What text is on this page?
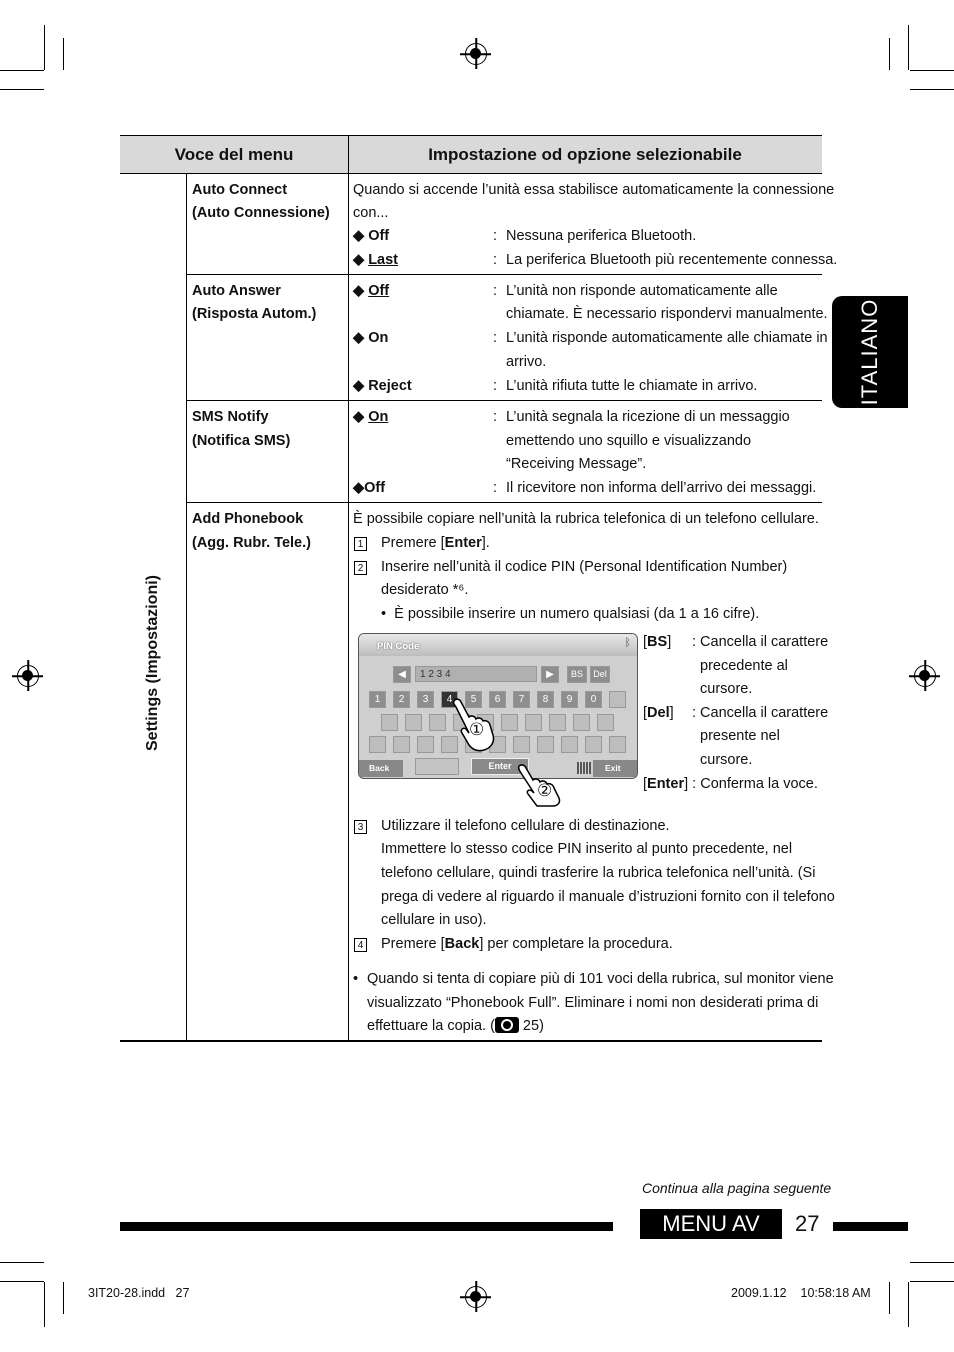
ITALIANO
Voce del menu	Impostazione od opzione selezionabile
Settings (Impostazioni)
Auto Connect
(Auto Connessione)
Quando si accende l’unità essa stabilisce automaticamente la connessione
con...
◆ Off	: Nessuna periferica Bluetooth.
◆ Last	: La periferica Bluetooth più recentemente connessa.
Auto Answer
(Risposta Autom.)
◆ Off	: L’unità non risponde automaticamente alle
chiamate. È necessario rispondervi manualmente.
◆ On	: L’unità risponde automaticamente alle chiamate in
arrivo.
◆ Reject	: L’unità rifiuta tutte le chiamate in arrivo.
SMS Notify
(Notifica SMS)
◆ On	: L’unità segnala la ricezione di un messaggio
emettendo uno squillo e visualizzando
“Receiving Message”.
◆Off	: Il ricevitore non informa dell’arrivo dei messaggi.
Add Phonebook
(Agg. Rubr. Tele.)
È possibile copiare nell’unità la rubrica telefonica di un telefono cellulare.
1 Premere [Enter].
2 Inserire nell’unità il codice PIN (Personal Identification Number)
desiderato *⁶.
•  È possibile inserire un numero qualsiasi (da 1 a 16 cifre).
[BS] : Cancella il carattere
precedente al
cursore.
[Del] : Cancella il carattere
presente nel
cursore.
[Enter] : Conferma la voce.
PIN Code	ᛒ
◀	1 2 3 4	▶	BS	Del
1	2	3	4	5	6	7	8	9	0
Back	Enter	Exit
①
②
3 Utilizzare il telefono cellulare di destinazione.
Immettere lo stesso codice PIN inserito al punto precedente, nel
telefono cellulare, quindi trasferire la rubrica telefonica nell’unità. (Si
prega di vedere al riguardo il manuale d’istruzioni fornito con il telefono
cellulare in uso).
4 Premere [Back] per completare la procedura.
• Quando si tenta di copiare più di 101 voci della rubrica, sul monitor viene
visualizzato “Phonebook Full”. Eliminare i nomi non desiderati prima di
effettuare la copia. (
25)
Continua alla pagina seguente
MENU AV	27
3IT20-28.indd   27	2009.1.12    10:58:18 AM
